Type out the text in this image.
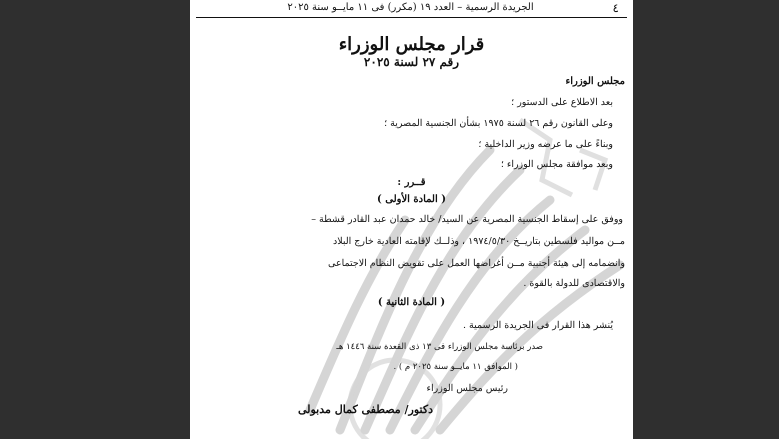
٤
الجريدة الرسمية – العدد ١٩ (مكرر) فى ١١ مايــو سنة ٢٠٢٥
قرار مجلس الوزراء
رقم ٢٧ لسنة ٢٠٢٥
مجلس الوزراء
بعد الاطلاع على الدستور ؛
وعلى القانون رقم ٢٦ لسنة ١٩٧٥ بشأن الجنسية المصرية ؛
وبناءً على ما عرضه وزير الداخلية ؛
وبعد موافقة مجلس الوزراء ؛
قــرر :
( المادة الأولى )
ووفق على إسقاط الجنسية المصرية عن السيد/ خالد حمدان عبد القادر قشطة –
مــن مواليد فلسطين بتاريــخ ١٩٧٤/٥/٣٠ ، وذلــك لإقامته العادية خارج البلاد
وانضمامه إلى هيئة أجنبية مــن أغراضها العمل على تقويض النظام الاجتماعى
والاقتصادى للدولة بالقوة .
( المادة الثانية )
يُنشر هذا القرار فى الجريدة الرسمية .
صدر برئاسة مجلس الوزراء فى ١٣ ذى القعدة سنة ١٤٤٦ هـ
( الموافق ١١ مايــو سنة ٢٠٢٥ م ) .
رئيس مجلس الوزراء
دكتور/ مصطفى كمال مدبولى
